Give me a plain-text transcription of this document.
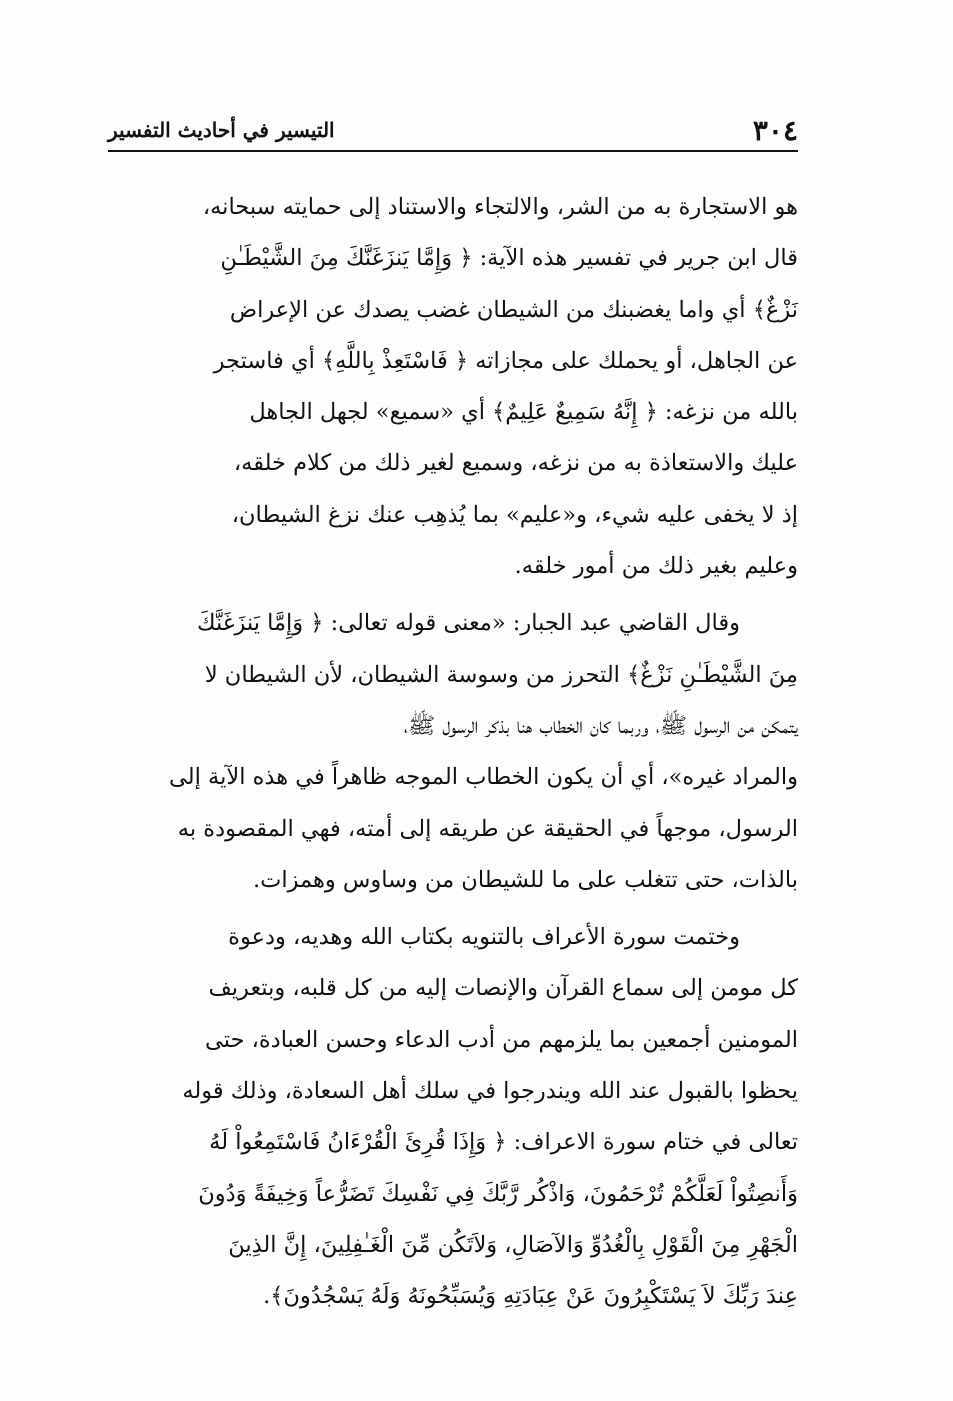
٣٠٤
التيسير في أحاديث التفسير

هو الاستجارة به من الشر، والالتجاء والاستناد إلى حمايته سبحانه،
قال ابن جرير في تفسير هذه الآية: ﴿ وَإِمَّا يَنزَغَنَّكَ مِنَ الشَّيْطَـٰنِ
نَزْغٌ﴾ أي واما يغضبنك من الشيطان غضب يصدك عن الإعراض
عن الجاهل، أو يحملك على مجازاته ﴿ فَاسْتَعِذْ بِاللَّهِ﴾ أي فاستجر
بالله من نزغه: ﴿ إِنَّهُ سَمِيعٌ عَلِيمٌ﴾ أي «سميع» لجهل الجاهل
عليك والاستعاذة به من نزغه، وسميع لغير ذلك من كلام خلقه،
إذ لا يخفى عليه شيء، و«عليم» بما يُذهِب عنك نزغ الشيطان،
وعليم بغير ذلك من أمور خلقه.

وقال القاضي عبد الجبار: «معنى قوله تعالى: ﴿ وَإِمَّا يَنزَغَنَّكَ
مِنَ الشَّيْطَـٰنِ نَزْغٌ﴾ التحرز من وسوسة الشيطان، لأن الشيطان لا
يتمكن من الرسول ﷺ، وربما كان الخطاب هنا بذكر الرسول ﷺ،
والمراد غيره»، أي أن يكون الخطاب الموجه ظاهراً في هذه الآية إلى
الرسول، موجهاً في الحقيقة عن طريقه إلى أمته، فهي المقصودة به
بالذات، حتى تتغلب على ما للشيطان من وساوس وهمزات.

وختمت سورة الأعراف بالتنويه بكتاب الله وهديه، ودعوة
كل مومن إلى سماع القرآن والإنصات إليه من كل قلبه، وبتعريف
المومنين أجمعين بما يلزمهم من أدب الدعاء وحسن العبادة، حتى
يحظوا بالقبول عند الله ويندرجوا في سلك أهل السعادة، وذلك قوله
تعالى في ختام سورة الاعراف: ﴿ وَإِذَا قُرِئَ الْقُرْءَانُ فَاسْتَمِعُواْ لَهُ
وَأَنصِتُواْ لَعَلَّكُمْ تُرْحَمُونَ، وَاذْكُر رَّبَّكَ فِي نَفْسِكَ تَضَرُّعاً وَخِيفَةً وَدُونَ
الْجَهْرِ مِنَ الْقَوْلِ بِالْغُدُوِّ وَالآصَالِ، وَلاَتَكُن مِّنَ الْغَـٰفِلِينَ، إِنَّ الذِينَ
عِندَ رَبِّكَ لاَ يَسْتَكْبِرُونَ عَنْ عِبَادَتِهِ وَيُسَبِّحُونَهُ وَلَهُ يَسْجُدُونَ﴾.
